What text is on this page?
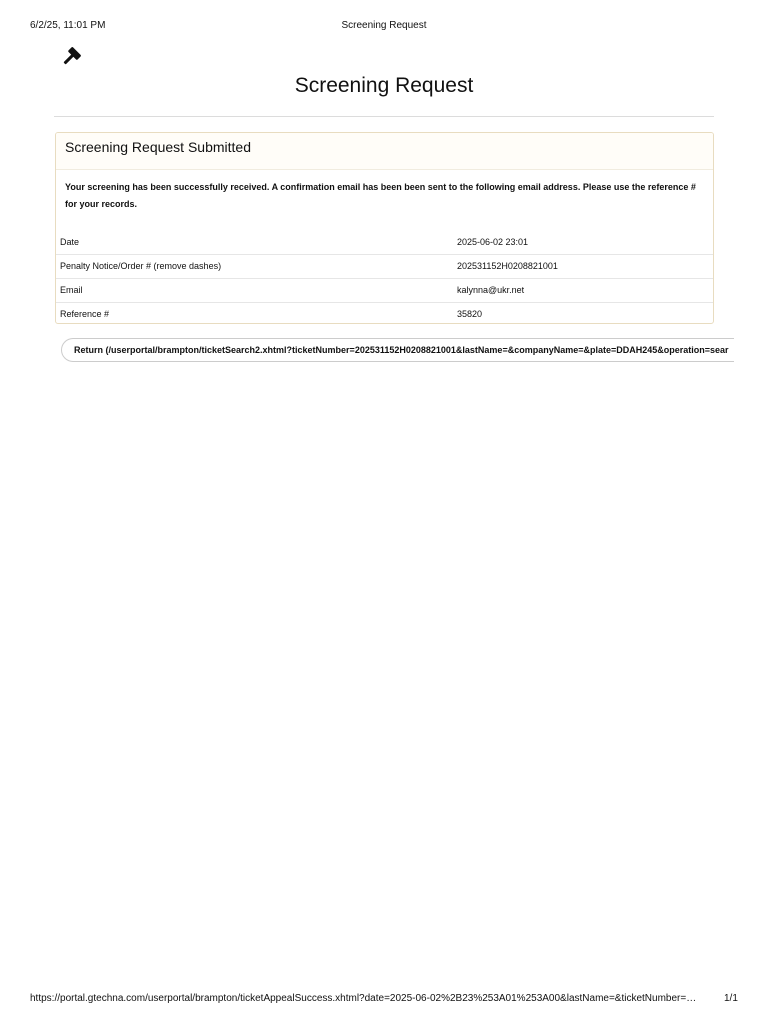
6/2/25, 11:01 PM	Screening Request
Screening Request
Screening Request Submitted
Your screening has been successfully received. A confirmation email has been been sent to the following email address. Please use the reference # for your records.
Date	2025-06-02 23:01
Penalty Notice/Order # (remove dashes)	202531152H0208821001
Email	kalynna@ukr.net
Reference #	35820
Return (/userportal/brampton/ticketSearch2.xhtml?ticketNumber=202531152H0208821001&lastName=&companyName=&plate=DDAH245&operation=sear
https://portal.gtechna.com/userportal/brampton/ticketAppealSuccess.xhtml?date=2025-06-02%2B23%253A01%253A00&lastName=&ticketNumber=…	1/1
